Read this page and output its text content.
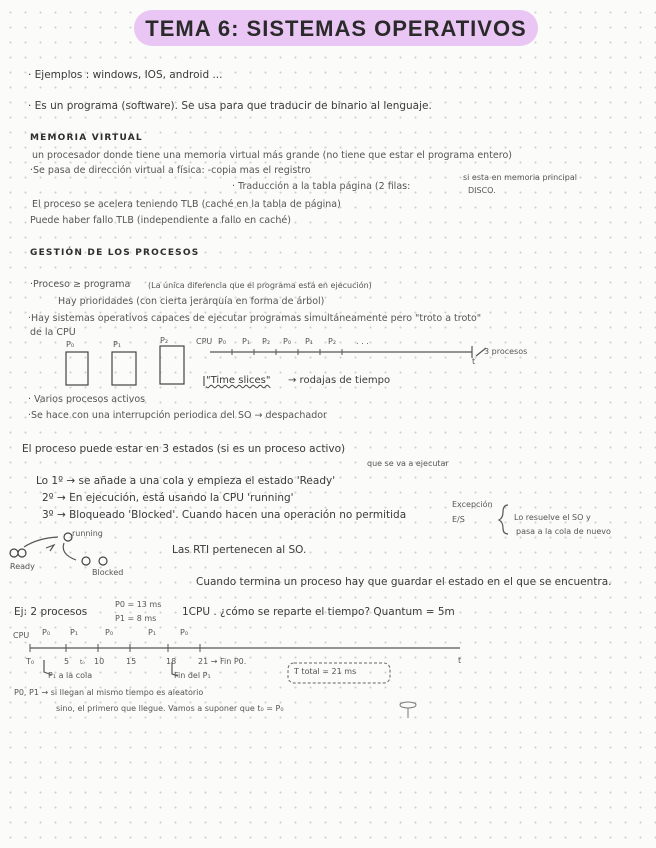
TEMA 6: SISTEMAS OPERATIVOS
· Ejemplos : windows, IOS, android ...
· Es un programa (software). Se usa para que traducir de binario al lenguaje.
MEMORIA VIRTUAL
un procesador donde tiene una memoria virtual más grande (no tiene que estar el programa entero)
·Se pasa de dirección virtual a física: -copia mas el registro
· Traducción a la tabla página (2 filas:
si esta en memoria principal
DISCO.
El proceso se acelera teniendo TLB (caché en la tabla de página)
Puede haber fallo TLB (independiente a fallo en caché)
GESTIÓN DE LOS PROCESOS
·Proceso ≥ programa (La única diferencia que el programa está en ejecución)
Hay prioridades (con cierta jerarquía en forma de árbol)
·Hay sistemas operativos capaces de ejecutar programas simultáneamente pero "troto a troto"
de la CPU
P₀	P₁	P₂	CPU P₀ P₁ P₂ P₀ P₁ P₂ . . .
t
3 procesos
"Time slices" → rodajas de tiempo
· Varios procesos activos
·Se hace con una interrupción periodica del SO → despachador
El proceso puede estar en 3 estados (si es un proceso activo)
que se va a ejecutar
Lo 1º → se añade a una cola y empieza el estado 'Ready'
2º → En ejecución, está usando la CPU 'running'
3º → Bloqueado 'Blocked'. Cuando hacen una operación no permitida
Excepción
E/S	Lo resuelve el SO y
pasa a la cola de nuevo
running
Ready
Blocked
Las RTI pertenecen al SO.
Cuando termina un proceso hay que guardar el estado en el que se encuentra.
Ej: 2 procesos
P0 = 13 ms
P1 = 8 ms
1CPU . ¿cómo se reparte el tiempo? Quantum = 5m
CPU P₀ P₁	P₀	P₁	P₀
T₀	5	10	15	18	21 → Fin P0.
t₀	t
P₁ a la cola	Fin del P₁	T total = 21 ms
P0, P1 → si llegan al mismo tiempo es aleatorio
sino, el primero que llegue. Vamos a suponer que t₀ = P₀
